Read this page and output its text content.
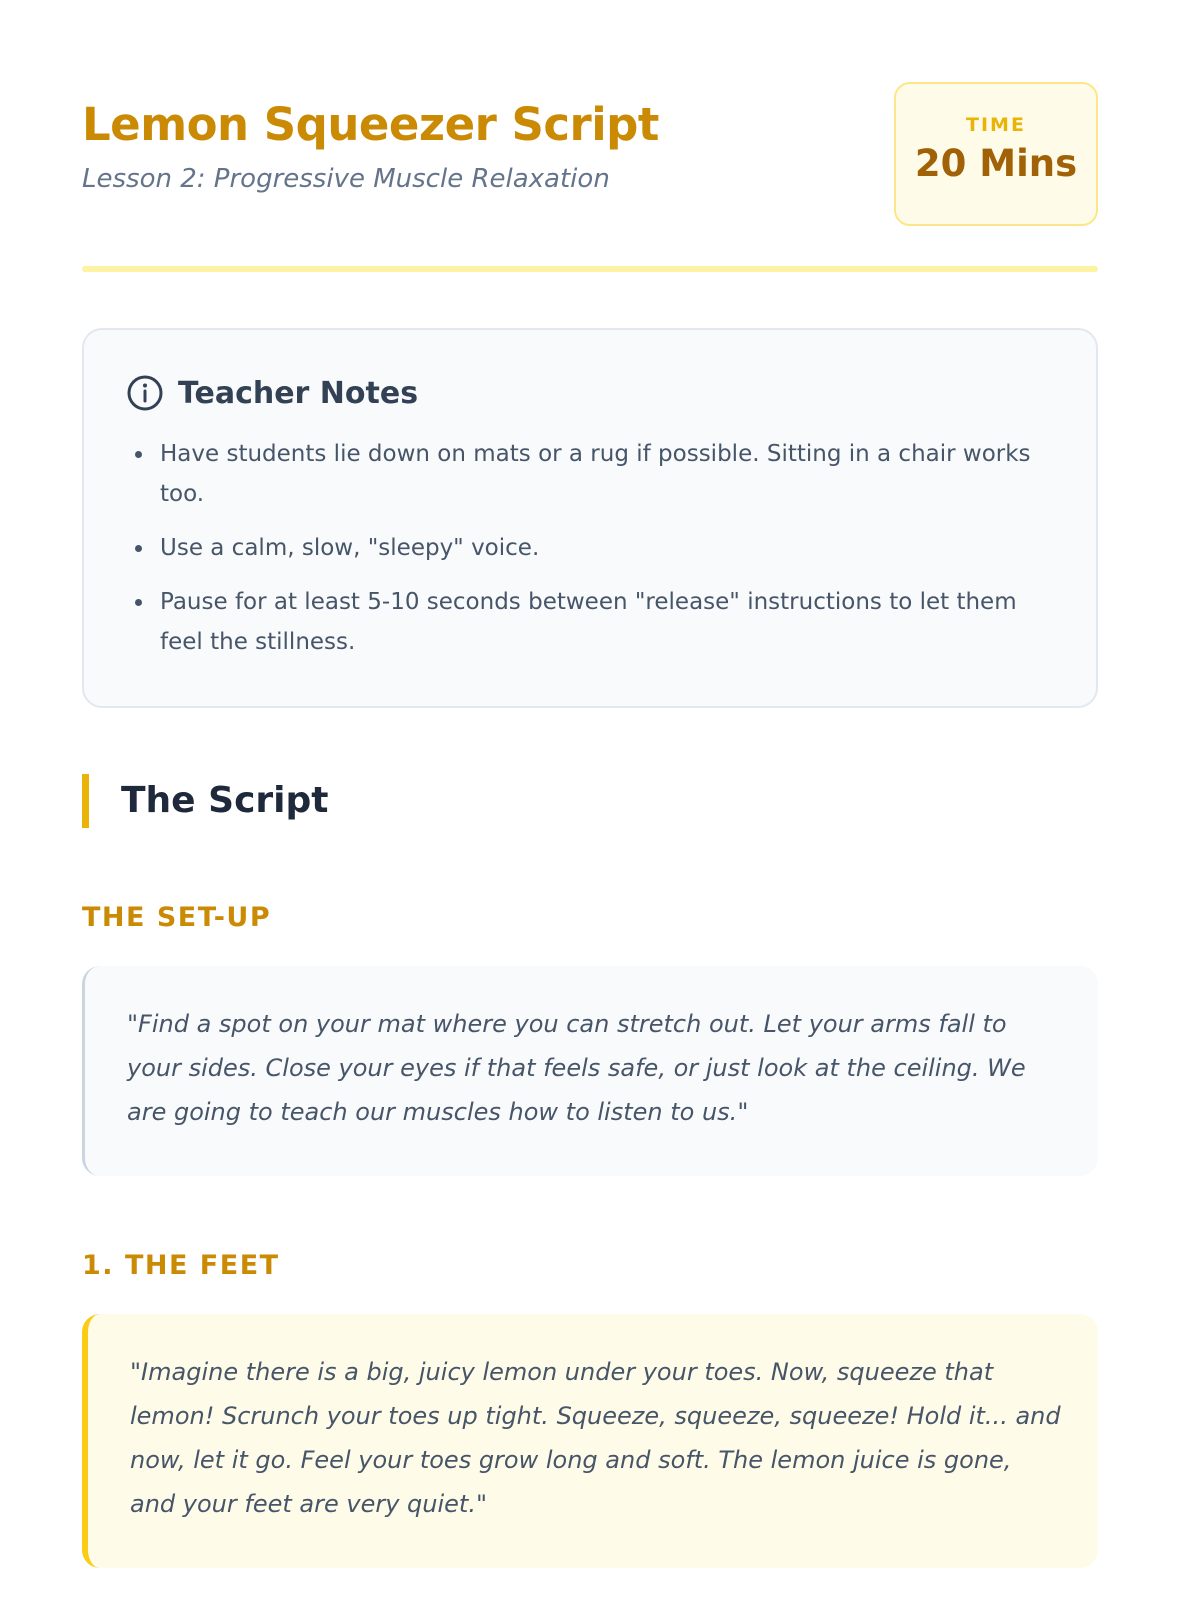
Lemon Squeezer Script
Lesson 2: Progressive Muscle Relaxation
TIME
20 Mins
Teacher Notes
Have students lie down on mats or a rug if possible. Sitting in a chair works too.
Use a calm, slow, "sleepy" voice.
Pause for at least 5-10 seconds between "release" instructions to let them feel the stillness.
The Script
THE SET-UP
"Find a spot on your mat where you can stretch out. Let your arms fall to your sides. Close your eyes if that feels safe, or just look at the ceiling. We are going to teach our muscles how to listen to us."
1. THE FEET
"Imagine there is a big, juicy lemon under your toes. Now, squeeze that lemon! Scrunch your toes up tight. Squeeze, squeeze, squeeze! Hold it... and now, let it go. Feel your toes grow long and soft. The lemon juice is gone, and your feet are very quiet."
